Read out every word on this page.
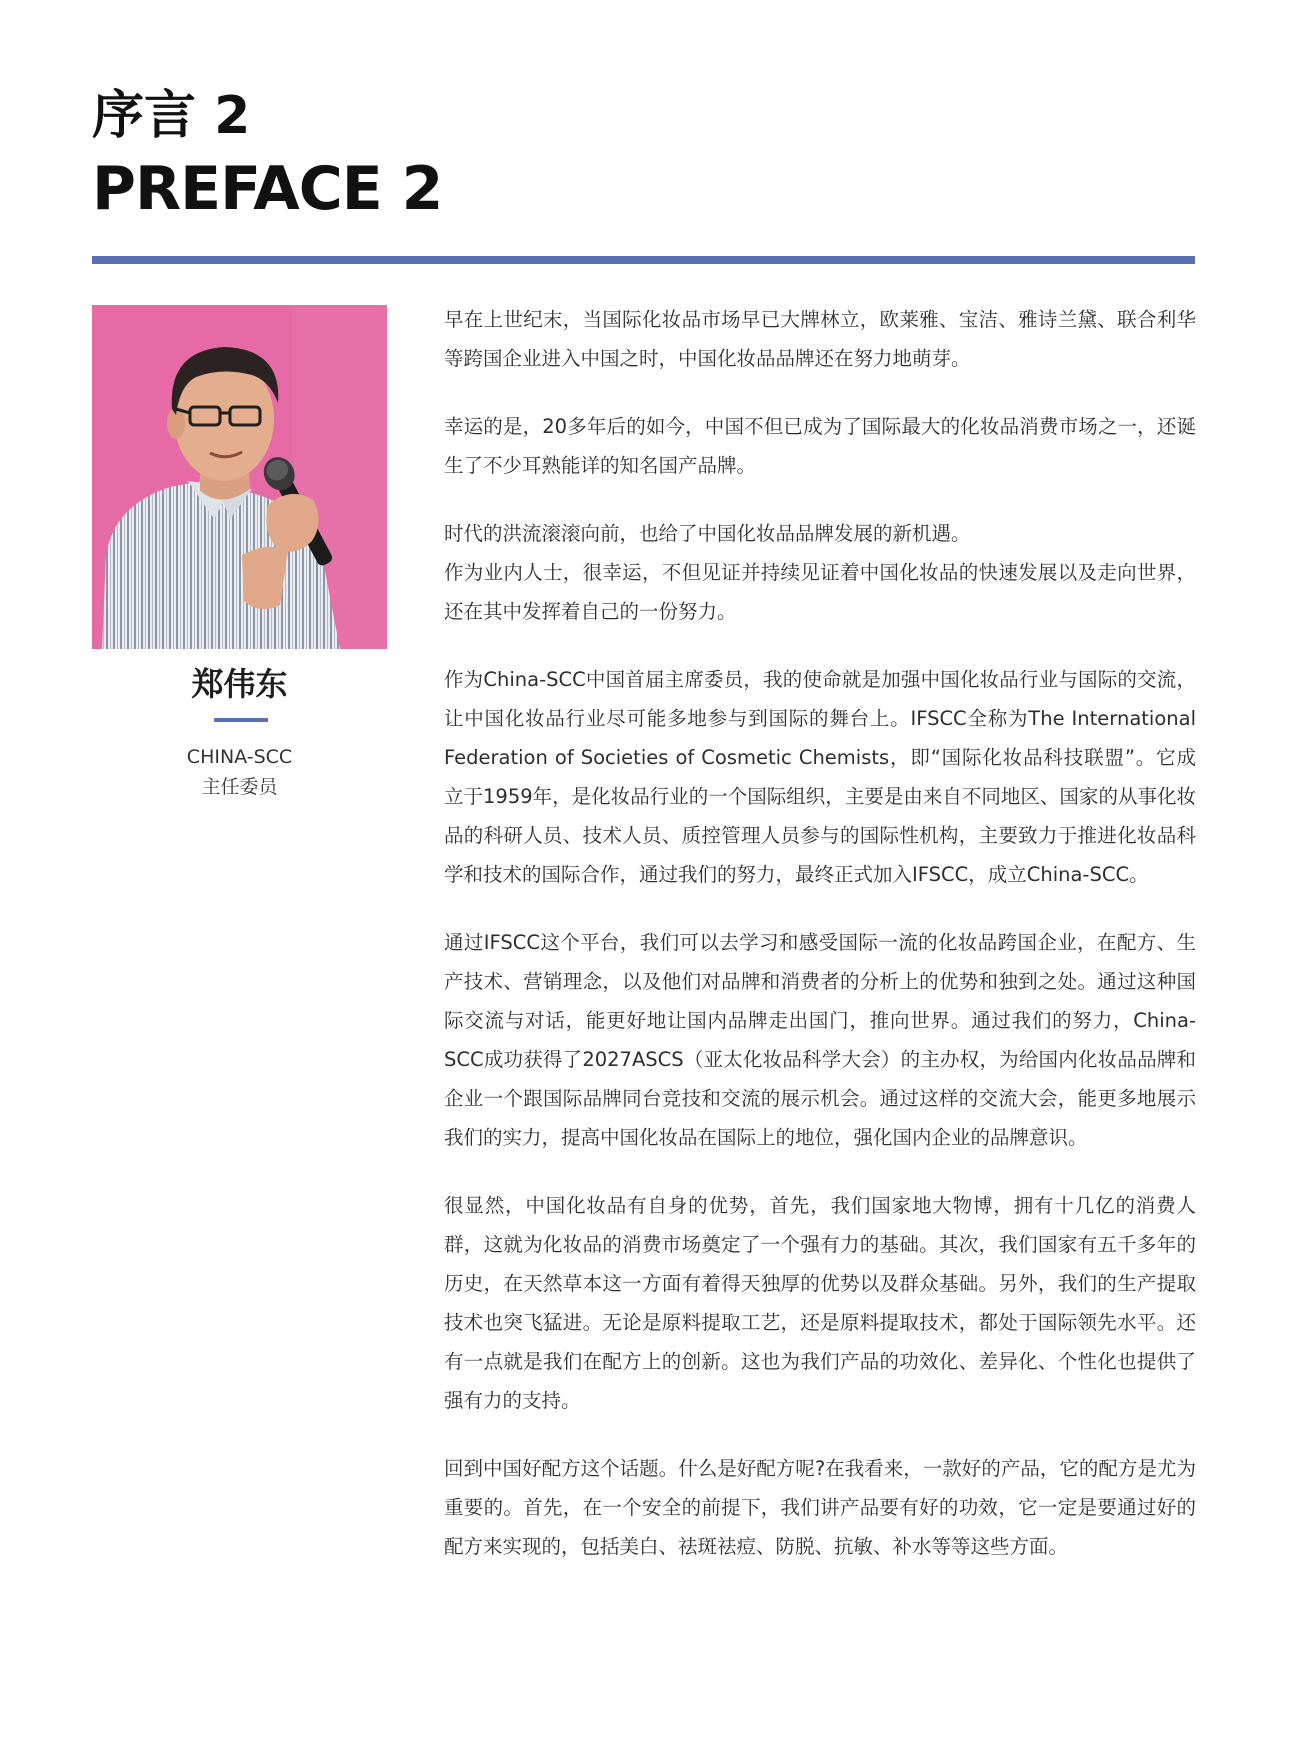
序言 2
PREFACE 2
郑伟东
CHINA-SCC
主任委员

早在上世纪末，当国际化妆品市场早已大牌林立，欧莱雅、宝洁、雅诗兰黛、联合利华等跨国企业进入中国之时，中国化妆品品牌还在努力地萌芽。

幸运的是，20多年后的如今，中国不但已成为了国际最大的化妆品消费市场之一，还诞生了不少耳熟能详的知名国产品牌。

时代的洪流滚滚向前，也给了中国化妆品品牌发展的新机遇。

作为业内人士，很幸运，不但见证并持续见证着中国化妆品的快速发展以及走向世界，还在其中发挥着自己的一份努力。

作为China-SCC中国首届主席委员，我的使命就是加强中国化妆品行业与国际的交流，让中国化妆品行业尽可能多地参与到国际的舞台上。IFSCC全称为The International Federation of Societies of Cosmetic Chemists，即“国际化妆品科技联盟”。它成立于1959年，是化妆品行业的一个国际组织，主要是由来自不同地区、国家的从事化妆品的科研人员、技术人员、质控管理人员参与的国际性机构，主要致力于推进化妆品科学和技术的国际合作，通过我们的努力，最终正式加入IFSCC，成立China-SCC。

通过IFSCC这个平台，我们可以去学习和感受国际一流的化妆品跨国企业，在配方、生产技术、营销理念，以及他们对品牌和消费者的分析上的优势和独到之处。通过这种国际交流与对话，能更好地让国内品牌走出国门，推向世界。通过我们的努力，China-SCC成功获得了2027ASCS（亚太化妆品科学大会）的主办权，为给国内化妆品品牌和企业一个跟国际品牌同台竞技和交流的展示机会。通过这样的交流大会，能更多地展示我们的实力，提高中国化妆品在国际上的地位，强化国内企业的品牌意识。

很显然，中国化妆品有自身的优势，首先，我们国家地大物博，拥有十几亿的消费人群，这就为化妆品的消费市场奠定了一个强有力的基础。其次，我们国家有五千多年的历史，在天然草本这一方面有着得天独厚的优势以及群众基础。另外，我们的生产提取技术也突飞猛进。无论是原料提取工艺，还是原料提取技术，都处于国际领先水平。还有一点就是我们在配方上的创新。这也为我们产品的功效化、差异化、个性化也提供了强有力的支持。

回到中国好配方这个话题。什么是好配方呢?在我看来，一款好的产品，它的配方是尤为重要的。首先，在一个安全的前提下，我们讲产品要有好的功效，它一定是要通过好的配方来实现的，包括美白、祛斑祛痘、防脱、抗敏、补水等等这些方面。
